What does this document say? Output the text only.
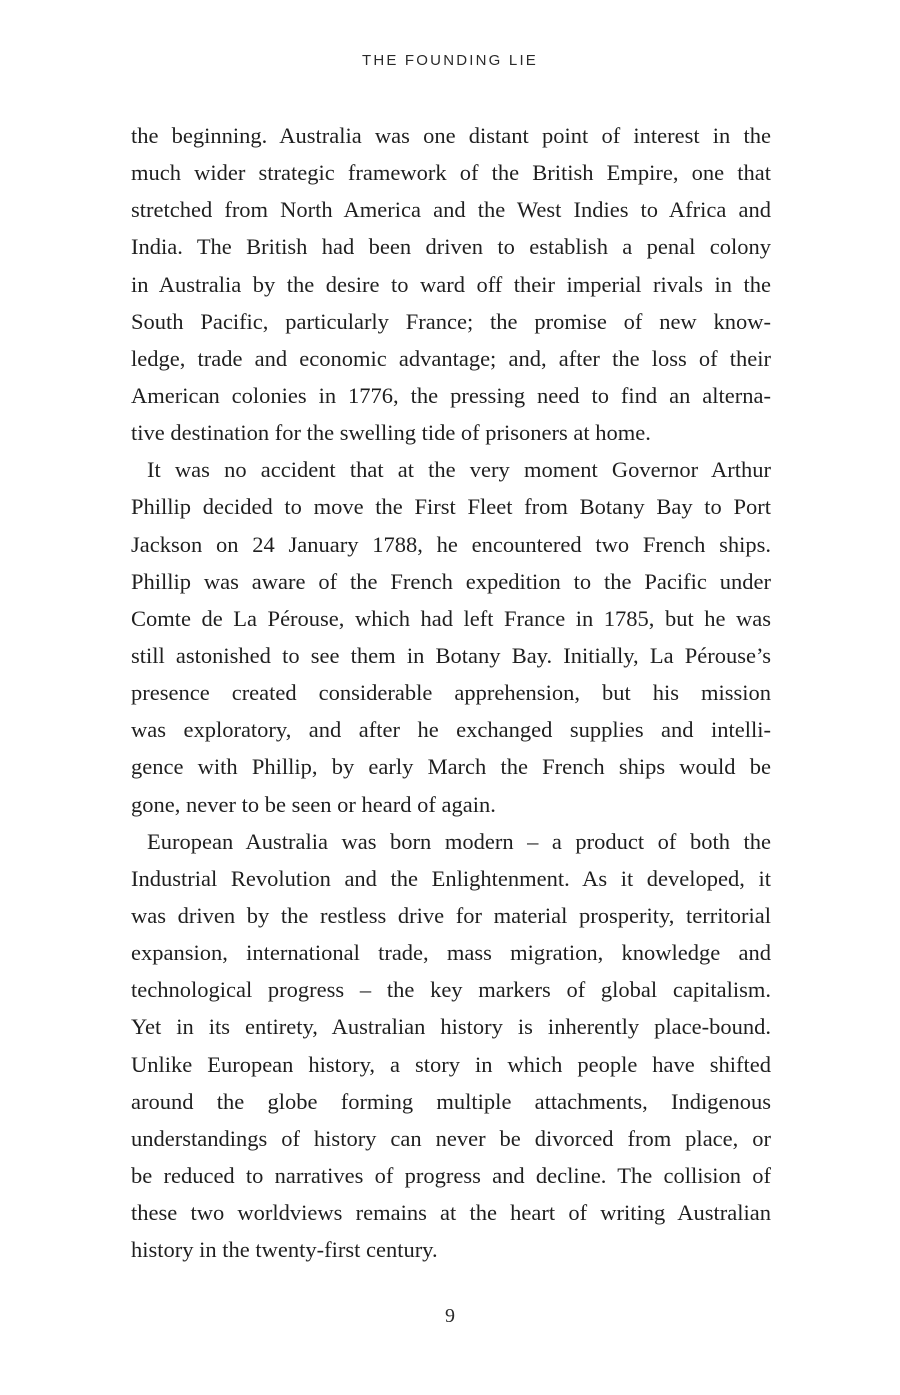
THE FOUNDING LIE
the beginning. Australia was one distant point of interest in the
much wider strategic framework of the British Empire, one that
stretched from North America and the West Indies to Africa and
India. The British had been driven to establish a penal colony
in Australia by the desire to ward off their imperial rivals in the
South Pacific, particularly France; the promise of new know-
ledge, trade and economic advantage; and, after the loss of their
American colonies in 1776, the pressing need to find an alterna-
tive destination for the swelling tide of prisoners at home.
It was no accident that at the very moment Governor Arthur
Phillip decided to move the First Fleet from Botany Bay to Port
Jackson on 24 January 1788, he encountered two French ships.
Phillip was aware of the French expedition to the Pacific under
Comte de La Pérouse, which had left France in 1785, but he was
still astonished to see them in Botany Bay. Initially, La Pérouse’s
presence created considerable apprehension, but his mission
was exploratory, and after he exchanged supplies and intelli-
gence with Phillip, by early March the French ships would be
gone, never to be seen or heard of again.
European Australia was born modern – a product of both the
Industrial Revolution and the Enlightenment. As it developed, it
was driven by the restless drive for material prosperity, territorial
expansion, international trade, mass migration, knowledge and
technological progress – the key markers of global capitalism.
Yet in its entirety, Australian history is inherently place-bound.
Unlike European history, a story in which people have shifted
around the globe forming multiple attachments, Indigenous
understandings of history can never be divorced from place, or
be reduced to narratives of progress and decline. The collision of
these two worldviews remains at the heart of writing Australian
history in the twenty-first century.
9
